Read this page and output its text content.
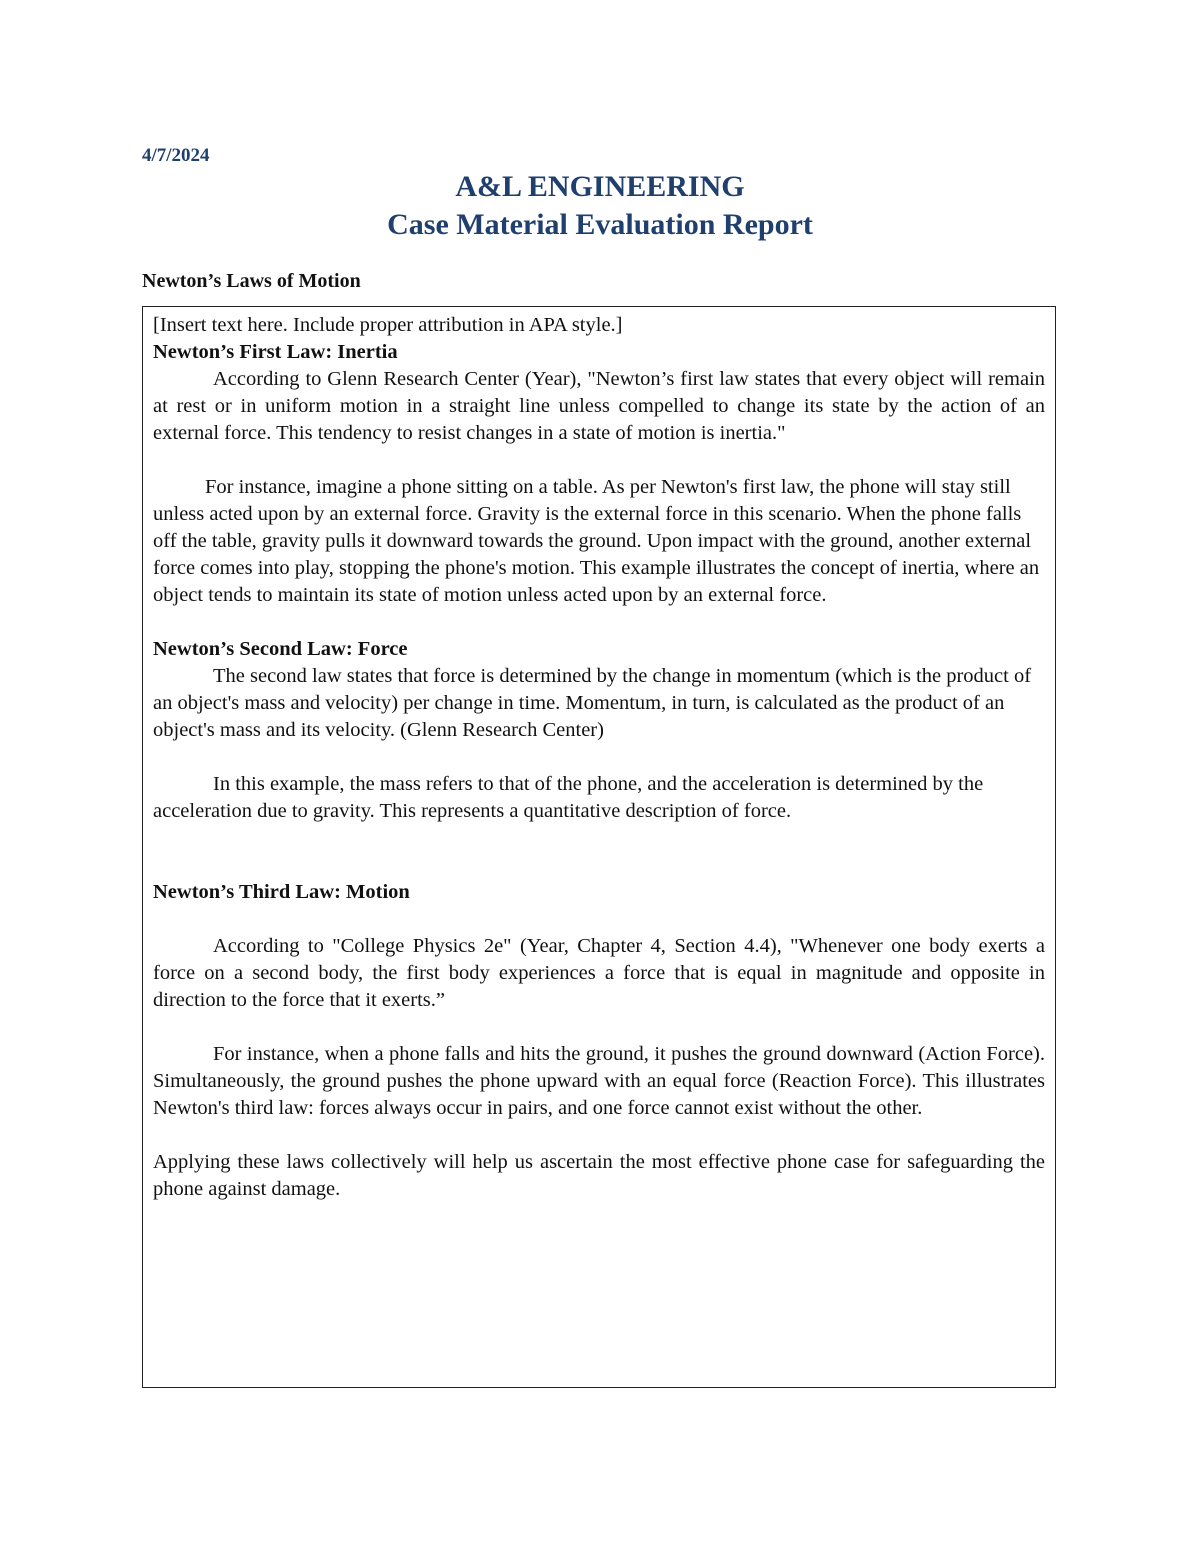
4/7/2024
A&L ENGINEERING
Case Material Evaluation Report
Newton’s Laws of Motion

[Insert text here. Include proper attribution in APA style.]

Newton’s First Law: Inertia

According to Glenn Research Center (Year), "Newton’s first law states that every object will remain at rest or in uniform motion in a straight line unless compelled to change its state by the action of an external force. This tendency to resist changes in a state of motion is inertia."

For instance, imagine a phone sitting on a table. As per Newton's first law, the phone will stay still unless acted upon by an external force. Gravity is the external force in this scenario. When the phone falls off the table, gravity pulls it downward towards the ground. Upon impact with the ground, another external force comes into play, stopping the phone's motion. This example illustrates the concept of inertia, where an object tends to maintain its state of motion unless acted upon by an external force.

Newton’s Second Law: Force

The second law states that force is determined by the change in momentum (which is the product of an object's mass and velocity) per change in time. Momentum, in turn, is calculated as the product of an object's mass and its velocity. (Glenn Research Center)

In this example, the mass refers to that of the phone, and the acceleration is determined by the acceleration due to gravity. This represents a quantitative description of force.

Newton’s Third Law: Motion

According to "College Physics 2e" (Year, Chapter 4, Section 4.4), "Whenever one body exerts a force on a second body, the first body experiences a force that is equal in magnitude and opposite in direction to the force that it exerts.”

For instance, when a phone falls and hits the ground, it pushes the ground downward (Action Force). Simultaneously, the ground pushes the phone upward with an equal force (Reaction Force). This illustrates Newton's third law: forces always occur in pairs, and one force cannot exist without the other.

Applying these laws collectively will help us ascertain the most effective phone case for safeguarding the phone against damage.
